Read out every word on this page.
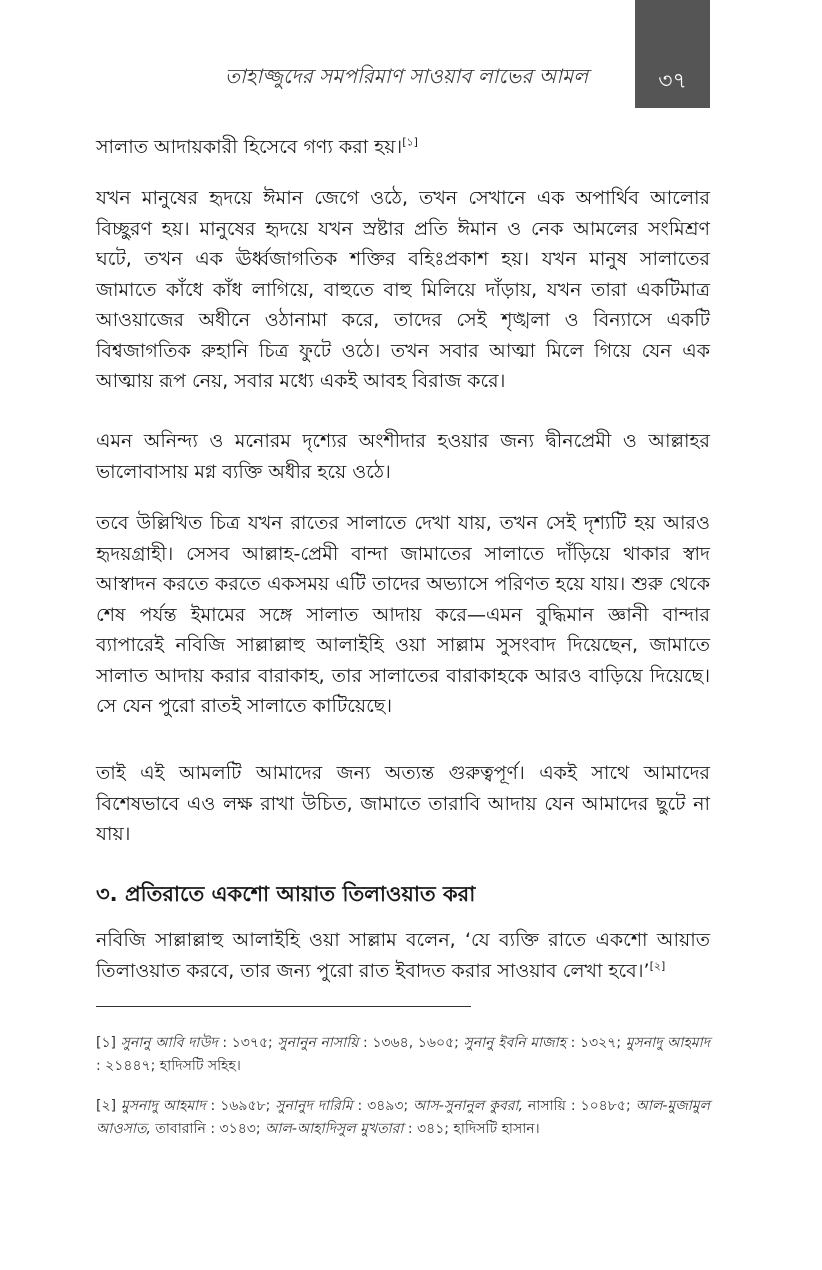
তাহাজ্জুদের সমপরিমাণ সাওয়াব লাভের আমল	৩৭

সালাত আদায়কারী হিসেবে গণ্য করা হয়।[১]

যখন মানুষের হৃদয়ে ঈমান জেগে ওঠে, তখন সেখানে এক অপার্থিব আলোর বিচ্ছুরণ হয়। মানুষের হৃদয়ে যখন স্রষ্টার প্রতি ঈমান ও নেক আমলের সংমিশ্রণ ঘটে, তখন এক ঊর্ধ্বজাগতিক শক্তির বহিঃপ্রকাশ হয়। যখন মানুষ সালাতের জামাতে কাঁধে কাঁধ লাগিয়ে, বাহুতে বাহু মিলিয়ে দাঁড়ায়, যখন তারা একটিমাত্র আওয়াজের অধীনে ওঠানামা করে, তাদের সেই শৃঙ্খলা ও বিন্যাসে একটি বিশ্বজাগতিক রুহানি চিত্র ফুটে ওঠে। তখন সবার আত্মা মিলে গিয়ে যেন এক আত্মায় রূপ নেয়, সবার মধ্যে একই আবহ বিরাজ করে।

এমন অনিন্দ্য ও মনোরম দৃশ্যের অংশীদার হওয়ার জন্য দ্বীনপ্রেমী ও আল্লাহর ভালোবাসায় মগ্ন ব্যক্তি অধীর হয়ে ওঠে।

তবে উল্লিখিত চিত্র যখন রাতের সালাতে দেখা যায়, তখন সেই দৃশ্যটি হয় আরও হৃদয়গ্রাহী। সেসব আল্লাহ-প্রেমী বান্দা জামাতের সালাতে দাঁড়িয়ে থাকার স্বাদ আস্বাদন করতে করতে একসময় এটি তাদের অভ্যাসে পরিণত হয়ে যায়। শুরু থেকে শেষ পর্যন্ত ইমামের সঙ্গে সালাত আদায় করে—এমন বুদ্ধিমান জ্ঞানী বান্দার ব্যাপারেই নবিজি সাল্লাল্লাহু আলাইহি ওয়া সাল্লাম সুসংবাদ দিয়েছেন, জামাতে সালাত আদায় করার বারাকাহ, তার সালাতের বারাকাহকে আরও বাড়িয়ে দিয়েছে। সে যেন পুরো রাতই সালাতে কাটিয়েছে।

তাই এই আমলটি আমাদের জন্য অত্যন্ত গুরুত্বপূর্ণ। একই সাথে আমাদের বিশেষভাবে এও লক্ষ রাখা উচিত, জামাতে তারাবি আদায় যেন আমাদের ছুটে না যায়।

৩. প্রতিরাতে একশো আয়াত তিলাওয়াত করা

নবিজি সাল্লাল্লাহু আলাইহি ওয়া সাল্লাম বলেন, ‘যে ব্যক্তি রাতে একশো আয়াত তিলাওয়াত করবে, তার জন্য পুরো রাত ইবাদত করার সাওয়াব লেখা হবে।’[২]

[১] সুনানু আবি দাউদ : ১৩৭৫; সুনানুন নাসায়ি : ১৩৬৪, ১৬০৫; সুনানু ইবনি মাজাহ : ১৩২৭; মুসনাদু আহমাদ : ২১৪৪৭; হাদিসটি সহিহ।

[২] মুসনাদু আহমাদ : ১৬৯৫৮; সুনানুদ দারিমি : ৩৪৯৩; আস-সুনানুল কুবরা, নাসায়ি : ১০৪৮৫; আল-মুজামুল আওসাত, তাবারানি : ৩১৪৩; আল-আহাদিসুল মুখতারা : ৩৪১; হাদিসটি হাসান।
